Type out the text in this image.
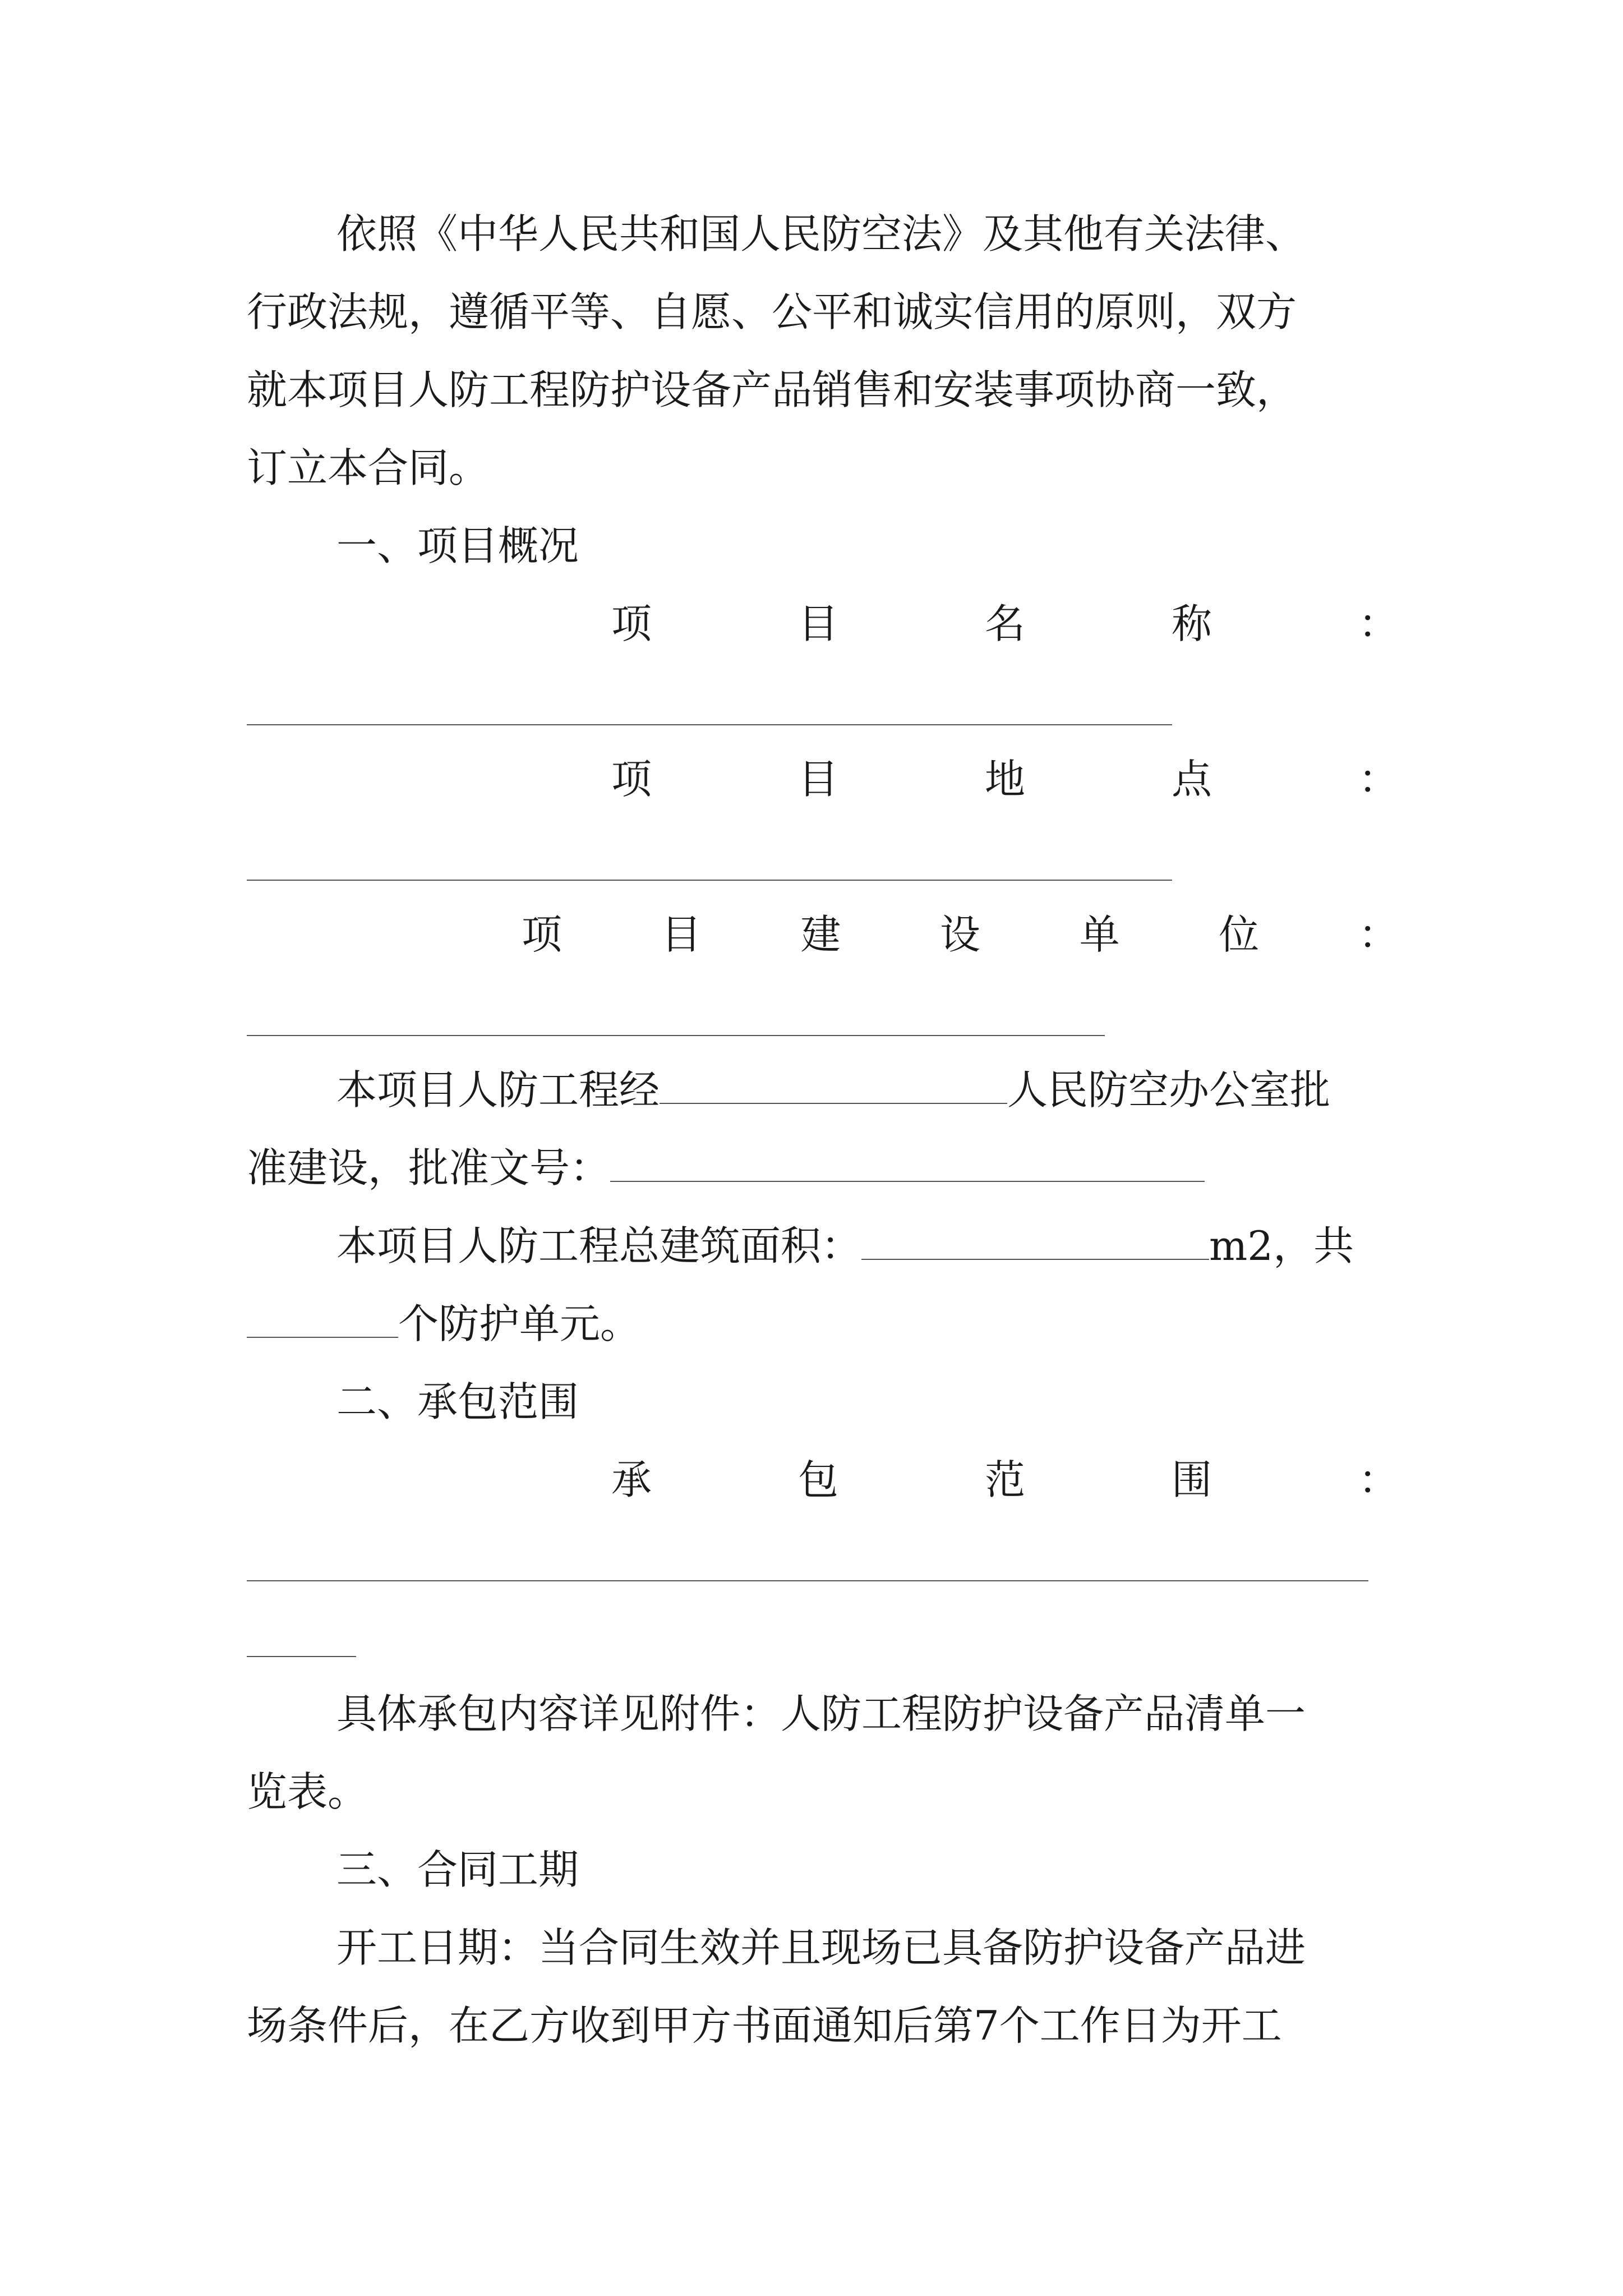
依照《中华人民共和国人民防空法》及其他有关法律、
行政法规，遵循平等、自愿、公平和诚实信用的原则，双方
就本项目人防工程防护设备产品销售和安装事项协商一致，
订立本合同。
一、项目概况
项	目	名	称	：
项	目	地	点	：
项 目 建 设 单 位 ：
本项目人防工程经	人民防空办公室批
准建设，批准文号：
本项目人防工程总建筑面积：	m2，共
个防护单元。
二、承包范围
承	包	范	围	：
具体承包内容详见附件：人防工程防护设备产品清单一
览表。
三、合同工期
开工日期：当合同生效并且现场已具备防护设备产品进
场条件后，在乙方收到甲方书面通知后第7个工作日为开工
